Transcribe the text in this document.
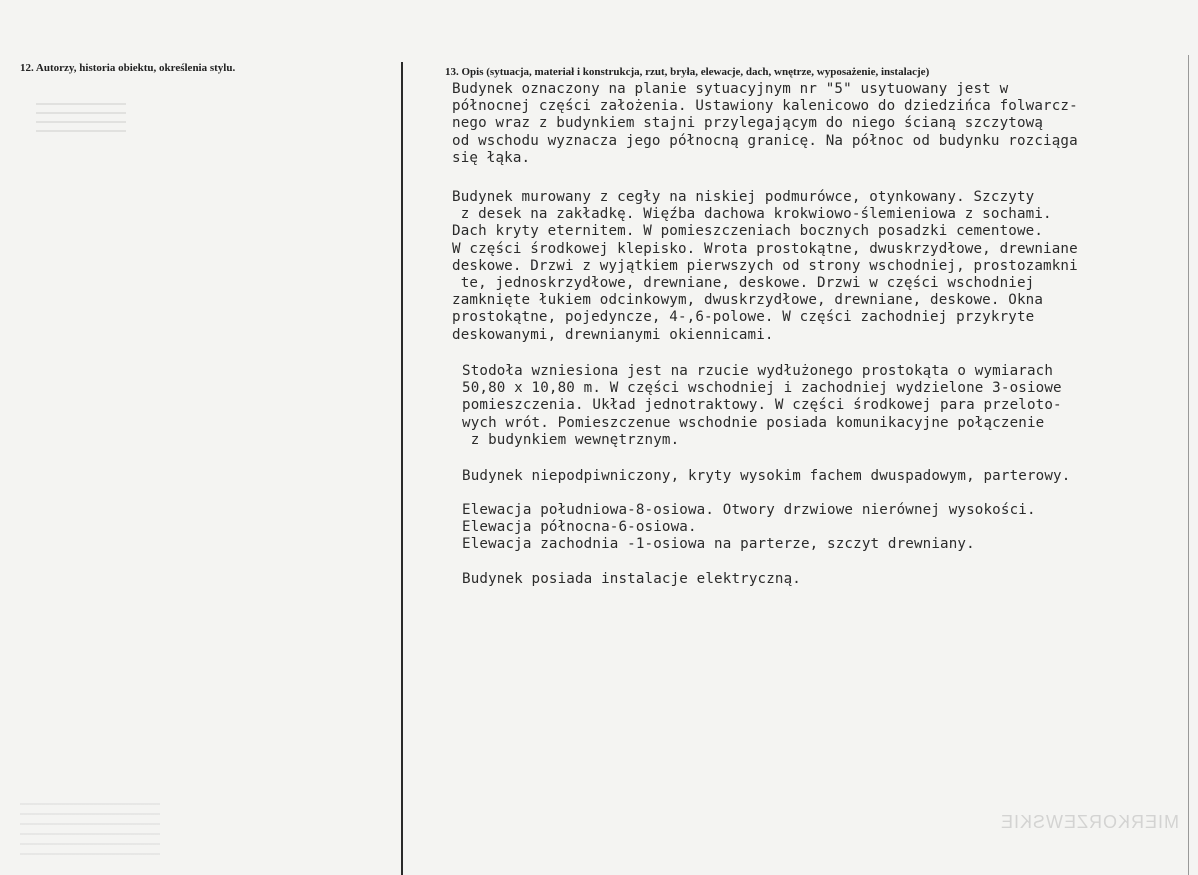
12. Autorzy, historia obiektu, określenia stylu.	13. Opis (sytuacja, materiał i konstrukcja, rzut, bryła, elewacje, dach, wnętrze, wyposażenie, instalacje)
Budynek oznaczony na planie sytuacyjnym nr "5" usytuowany jest w
północnej części założenia. Ustawiony kalenicowo do dziedzińca folwarcz-
nego wraz z budynkiem stajni przylegającym do niego ścianą szczytową
od wschodu wyznacza jego północną granicę. Na północ od budynku rozciąga
się łąka.
Budynek murowany z cegły na niskiej podmurówce, otynkowany. Szczyty
z desek na zakładkę. Więźba dachowa krokwiowo-ślemieniowa z sochami.
Dach kryty eternitem. W pomieszczeniach bocznych posadzki cementowe.
W części środkowej klepisko. Wrota prostokątne, dwuskrzydłowe, drewniane
deskowe. Drzwi z wyjątkiem pierwszych od strony wschodniej, prostozamkni
te, jednoskrzydłowe, drewniane, deskowe. Drzwi w części wschodniej
zamknięte łukiem odcinkowym, dwuskrzydłowe, drewniane, deskowe. Okna
prostokątne, pojedyncze, 4-,6-polowe. W części zachodniej przykryte
deskowanymi, drewnianymi okiennicami.
Stodoła wzniesiona jest na rzucie wydłużonego prostokąta o wymiarach
50,80 x 10,80 m. W części wschodniej i zachodniej wydzielone 3-osiowe
pomieszczenia. Układ jednotraktowy. W części środkowej para przeloto-
wych wrót. Pomieszczenue wschodnie posiada komunikacyjne połączenie
z budynkiem wewnętrznym.
Budynek niepodpiwniczony, kryty wysokim fachem dwuspadowym, parterowy.
Elewacja południowa-8-osiowa. Otwory drzwiowe nierównej wysokości.
Elewacja północna-6-osiowa.
Elewacja zachodnia -1-osiowa na parterze, szczyt drewniany.
Budynek posiada instalacje elektryczną.
MIERKORZEWSKIE
